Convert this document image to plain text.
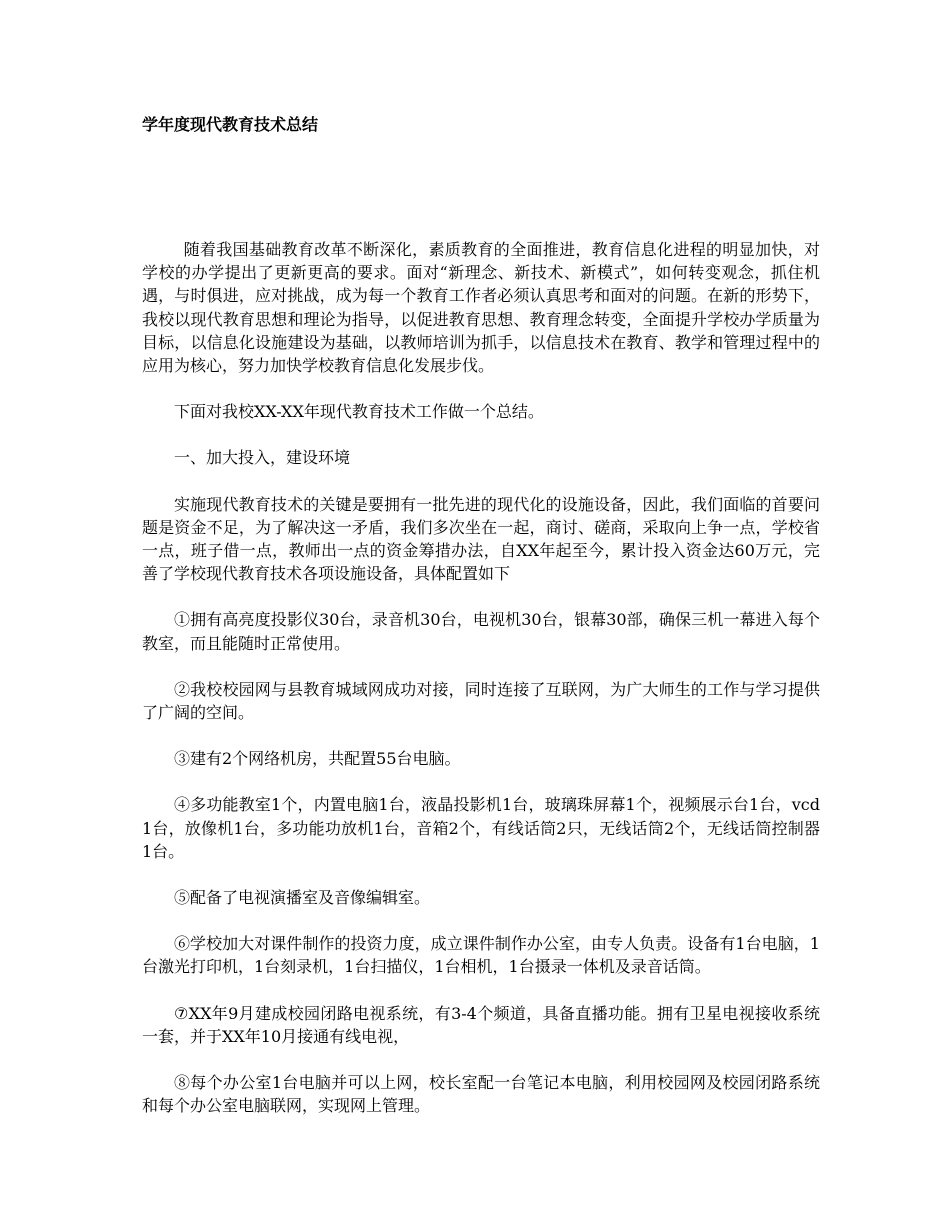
学年度现代教育技术总结

随着我国基础教育改革不断深化，素质教育的全面推进，教育信息化进程的明显加快，对学校的办学提出了更新更高的要求。面对“新理念、新技术、新模式”，如何转变观念，抓住机遇，与时俱进，应对挑战，成为每一个教育工作者必须认真思考和面对的问题。在新的形势下，我校以现代教育思想和理论为指导，以促进教育思想、教育理念转变，全面提升学校办学质量为目标，以信息化设施建设为基础，以教师培训为抓手，以信息技术在教育、教学和管理过程中的应用为核心，努力加快学校教育信息化发展步伐。

下面对我校XX-XX年现代教育技术工作做一个总结。

一、加大投入，建设环境

实施现代教育技术的关键是要拥有一批先进的现代化的设施设备，因此，我们面临的首要问题是资金不足，为了解决这一矛盾，我们多次坐在一起，商讨、磋商，采取向上争一点，学校省一点，班子借一点，教师出一点的资金筹措办法，自XX年起至今，累计投入资金达60万元，完善了学校现代教育技术各项设施设备，具体配置如下

①拥有高亮度投影仪30台，录音机30台，电视机30台，银幕30部，确保三机一幕进入每个教室，而且能随时正常使用。

②我校校园网与县教育城域网成功对接，同时连接了互联网，为广大师生的工作与学习提供了广阔的空间。

③建有2个网络机房，共配置55台电脑。

④多功能教室1个，内置电脑1台，液晶投影机1台，玻璃珠屏幕1个，视频展示台1台，vcd1台，放像机1台，多功能功放机1台，音箱2个，有线话筒2只，无线话筒2个，无线话筒控制器1台。

⑤配备了电视演播室及音像编辑室。

⑥学校加大对课件制作的投资力度，成立课件制作办公室，由专人负责。设备有1台电脑，1台激光打印机，1台刻录机，1台扫描仪，1台相机，1台摄录一体机及录音话筒。

⑦XX年9月建成校园闭路电视系统，有3-4个频道，具备直播功能。拥有卫星电视接收系统一套，并于XX年10月接通有线电视，

⑧每个办公室1台电脑并可以上网，校长室配一台笔记本电脑，利用校园网及校园闭路系统和每个办公室电脑联网，实现网上管理。
